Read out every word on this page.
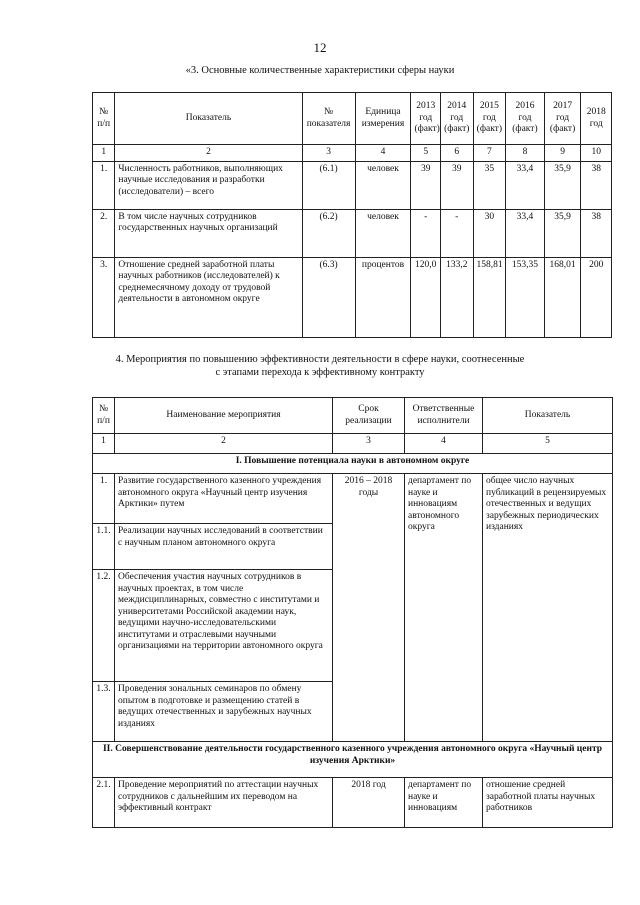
12
«3. Основные количественные характеристики сферы науки
№ п/п	Показатель	№ показателя	Единица измерения	2013 год (факт)	2014 год (факт)	2015 год (факт)	2016 год (факт)	2017 год (факт)	2018 год
1	2	3	4	5	6	7	8	9	10
1.	Численность работников, выполняющих научные исследования и разработки (исследователи) – всего	(6.1)	человек	39	39	35	33,4	35,9	38
2.	В том числе научных сотрудников государственных научных организаций	(6.2)	человек	-	-	30	33,4	35,9	38
3.	Отношение средней заработной платы научных работников (исследователей) к среднемесячному доходу от трудовой деятельности в автономном округе	(6.3)	процентов	120,0	133,2	158,81	153,35	168,01	200
4. Мероприятия по повышению эффективности деятельности в сфере науки, соотнесенные
с этапами перехода к эффективному контракту
№ п/п	Наименование мероприятия	Срок реализации	Ответственные исполнители	Показатель
1	2	3	4	5
I. Повышение потенциала науки в автономном округе				
1.	Развитие государственного казенного учреждения автономного округа «Научный центр изучения Арктики» путем	2016 – 2018 годы	департамент по науке и инновациям автономного округа	общее число научных публикаций в рецензируемых отечественных и ведущих зарубежных периодических изданиях
1.1.	Реализации научных исследований в соответствии с научным планом автономного округа			
1.2.	Обеспечения участия научных сотрудников в научных проектах, в том числе междисциплинарных, совместно с институтами и университетами Российской академии наук, ведущими научно-исследовательскими институтами и отраслевыми научными организациями на территории автономного округа			
1.3.	Проведения зональных семинаров по обмену опытом в подготовке и размещению статей в ведущих отечественных и зарубежных научных изданиях			
II. Совершенствование деятельности государственного казенного учреждения автономного округа «Научный центр изучения Арктики»				
2.1.	Проведение мероприятий по аттестации научных сотрудников с дальнейшим их переводом на эффективный контракт	2018 год	департамент по науке и инновациям	отношение средней заработной платы научных работников
